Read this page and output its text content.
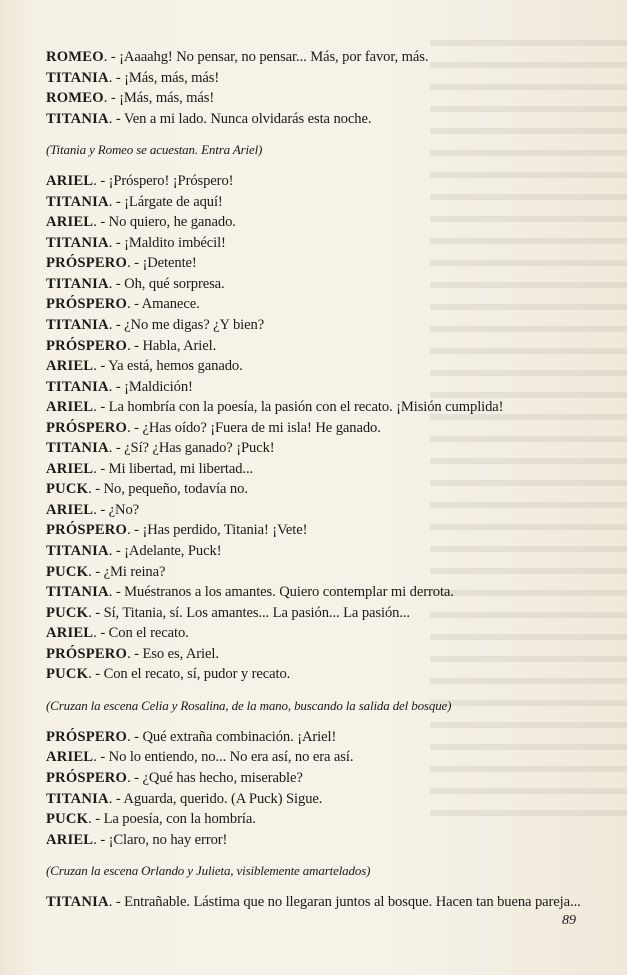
ROMEO. - ¡Aaaahg! No pensar, no pensar... Más, por favor, más.
TITANIA. - ¡Más, más, más!
ROMEO. - ¡Más, más, más!
TITANIA. - Ven a mi lado. Nunca olvidarás esta noche.
(Titania y Romeo se acuestan. Entra Ariel)
ARIEL. - ¡Próspero! ¡Próspero!
TITANIA. - ¡Lárgate de aquí!
ARIEL. - No quiero, he ganado.
TITANIA. - ¡Maldito imbécil!
PRÓSPERO. - ¡Detente!
TITANIA. - Oh, qué sorpresa.
PRÓSPERO. - Amanece.
TITANIA. - ¿No me digas? ¿Y bien?
PRÓSPERO. - Habla, Ariel.
ARIEL. - Ya está, hemos ganado.
TITANIA. - ¡Maldición!
ARIEL. - La hombría con la poesía, la pasión con el recato. ¡Misión cumplida!
PRÓSPERO. - ¿Has oído? ¡Fuera de mi isla! He ganado.
TITANIA. - ¿Sí? ¿Has ganado? ¡Puck!
ARIEL. - Mi libertad, mi libertad...
PUCK. - No, pequeño, todavía no.
ARIEL. - ¿No?
PRÓSPERO. - ¡Has perdido, Titania! ¡Vete!
TITANIA. - ¡Adelante, Puck!
PUCK. - ¿Mi reina?
TITANIA. - Muéstranos a los amantes. Quiero contemplar mi derrota.
PUCK. - Sí, Titania, sí. Los amantes... La pasión... La pasión...
ARIEL. - Con el recato.
PRÓSPERO. - Eso es, Ariel.
PUCK. - Con el recato, sí, pudor y recato.
(Cruzan la escena Celia y Rosalina, de la mano, buscando la salida del bosque)
PRÓSPERO. - Qué extraña combinación. ¡Ariel!
ARIEL. - No lo entiendo, no... No era así, no era así.
PRÓSPERO. - ¿Qué has hecho, miserable?
TITANIA. - Aguarda, querido. (A Puck) Sigue.
PUCK. - La poesía, con la hombría.
ARIEL. - ¡Claro, no hay error!
(Cruzan la escena Orlando y Julieta, visiblemente amartelados)
TITANIA. - Entrañable. Lástima que no llegaran juntos al bosque. Hacen tan buena pareja...
89
